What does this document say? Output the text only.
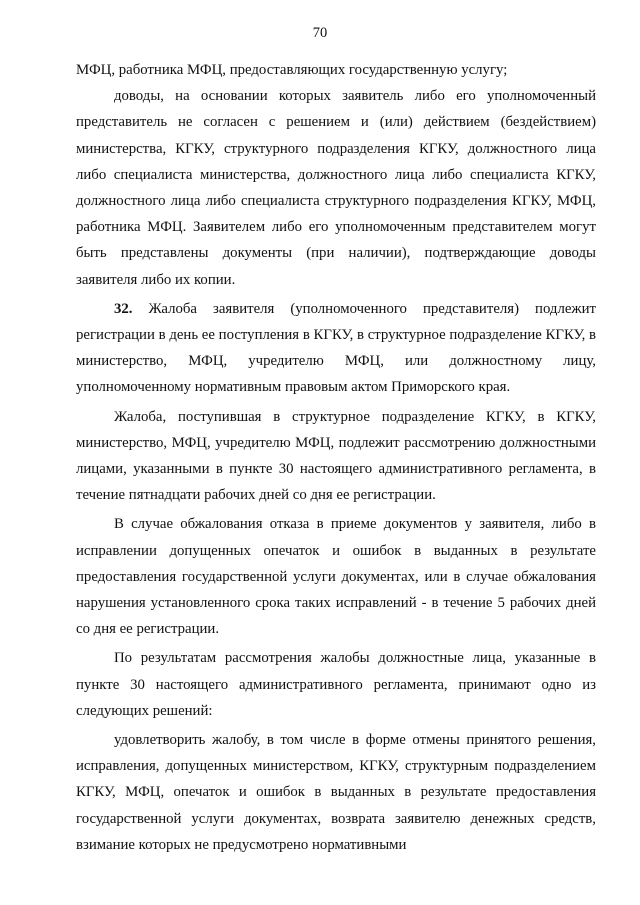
70

МФЦ, работника МФЦ, предоставляющих государственную услугу;

доводы, на основании которых заявитель либо его уполномоченный представитель не согласен с решением и (или) действием (бездействием) министерства, КГКУ, структурного подразделения КГКУ, должностного лица либо специалиста министерства, должностного лица либо специалиста КГКУ, должностного лица либо специалиста структурного подразделения КГКУ, МФЦ, работника МФЦ. Заявителем либо его уполномоченным представителем могут быть представлены документы (при наличии), подтверждающие доводы заявителя либо их копии.

32. Жалоба заявителя (уполномоченного представителя) подлежит регистрации в день ее поступления в КГКУ, в структурное подразделение КГКУ, в министерство, МФЦ, учредителю МФЦ, или должностному лицу, уполномоченному нормативным правовым актом Приморского края.

Жалоба, поступившая в структурное подразделение КГКУ, в КГКУ, министерство, МФЦ, учредителю МФЦ, подлежит рассмотрению должностными лицами, указанными в пункте 30 настоящего административного регламента, в течение пятнадцати рабочих дней со дня ее регистрации.

В случае обжалования отказа в приеме документов у заявителя, либо в исправлении допущенных опечаток и ошибок в выданных в результате предоставления государственной услуги документах, или в случае обжалования нарушения установленного срока таких исправлений - в течение 5 рабочих дней со дня ее регистрации.

По результатам рассмотрения жалобы должностные лица, указанные в пункте 30 настоящего административного регламента, принимают одно из следующих решений:

удовлетворить жалобу, в том числе в форме отмены принятого решения, исправления, допущенных министерством, КГКУ, структурным подразделением КГКУ, МФЦ, опечаток и ошибок в выданных в результате предоставления государственной услуги документах, возврата заявителю денежных средств, взимание которых не предусмотрено нормативными
